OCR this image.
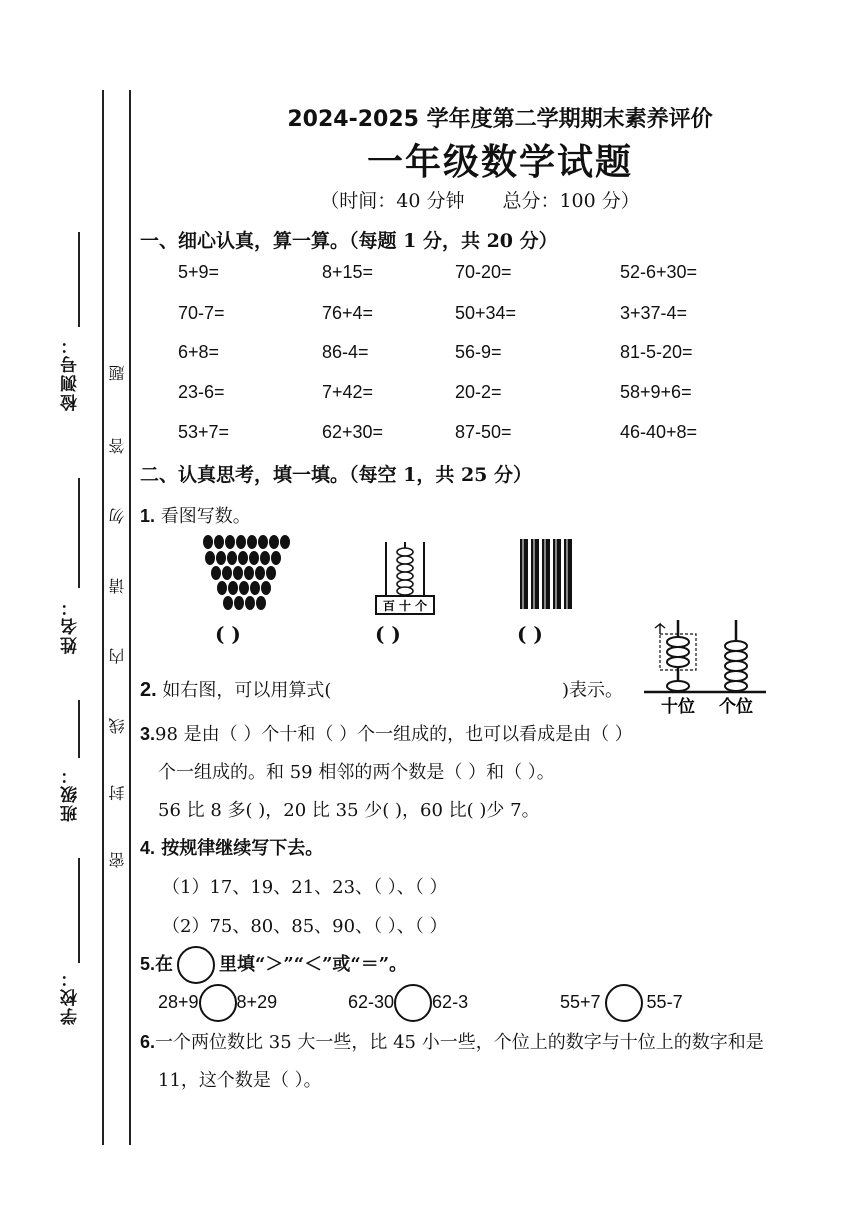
检测号：
姓名：
班级：
学校：
题
答
勿
请
内
线
封
密
2024-2025 学年度第二学期期末素养评价
一年级数学试题
（时间：40 分钟　　总分：100 分）
一、细心认真，算一算。（每题 1 分，共 20 分）
5+9=	8+15=	70-20=	52-6+30=
70-7=	76+4=	50+34=	3+37-4=
6+8=	86-4=	56-9=	81-5-20=
23-6=	7+42=	20-2=	58+9+6=
53+7=	62+30=	87-50=	46-40+8=
二、认真思考，填一填。（每空 1，共 25 分）
1. 看图写数。
百 十 个
( )	( )	( )
十位 个位
2. 如右图，可以用算式(	)表示。
3.98 是由（ ）个十和（ ）个一组成的，也可以看成是由（ ）
个一组成的。和 59 相邻的两个数是（ ）和（ ）。
56 比 8 多( )，20 比 35 少( )，60 比( )少 7。
4. 按规律继续写下去。
（1）17、19、21、23、（ ）、（ ）
（2）75、80、85、90、（ ）、（ ）
5.在	里填“＞”“＜”或“＝”。
28+9 8+29	62-30 62-3	55+7	55-7
6.一个两位数比 35 大一些，比 45 小一些，个位上的数字与十位上的数字和是
11，这个数是（ ）。
